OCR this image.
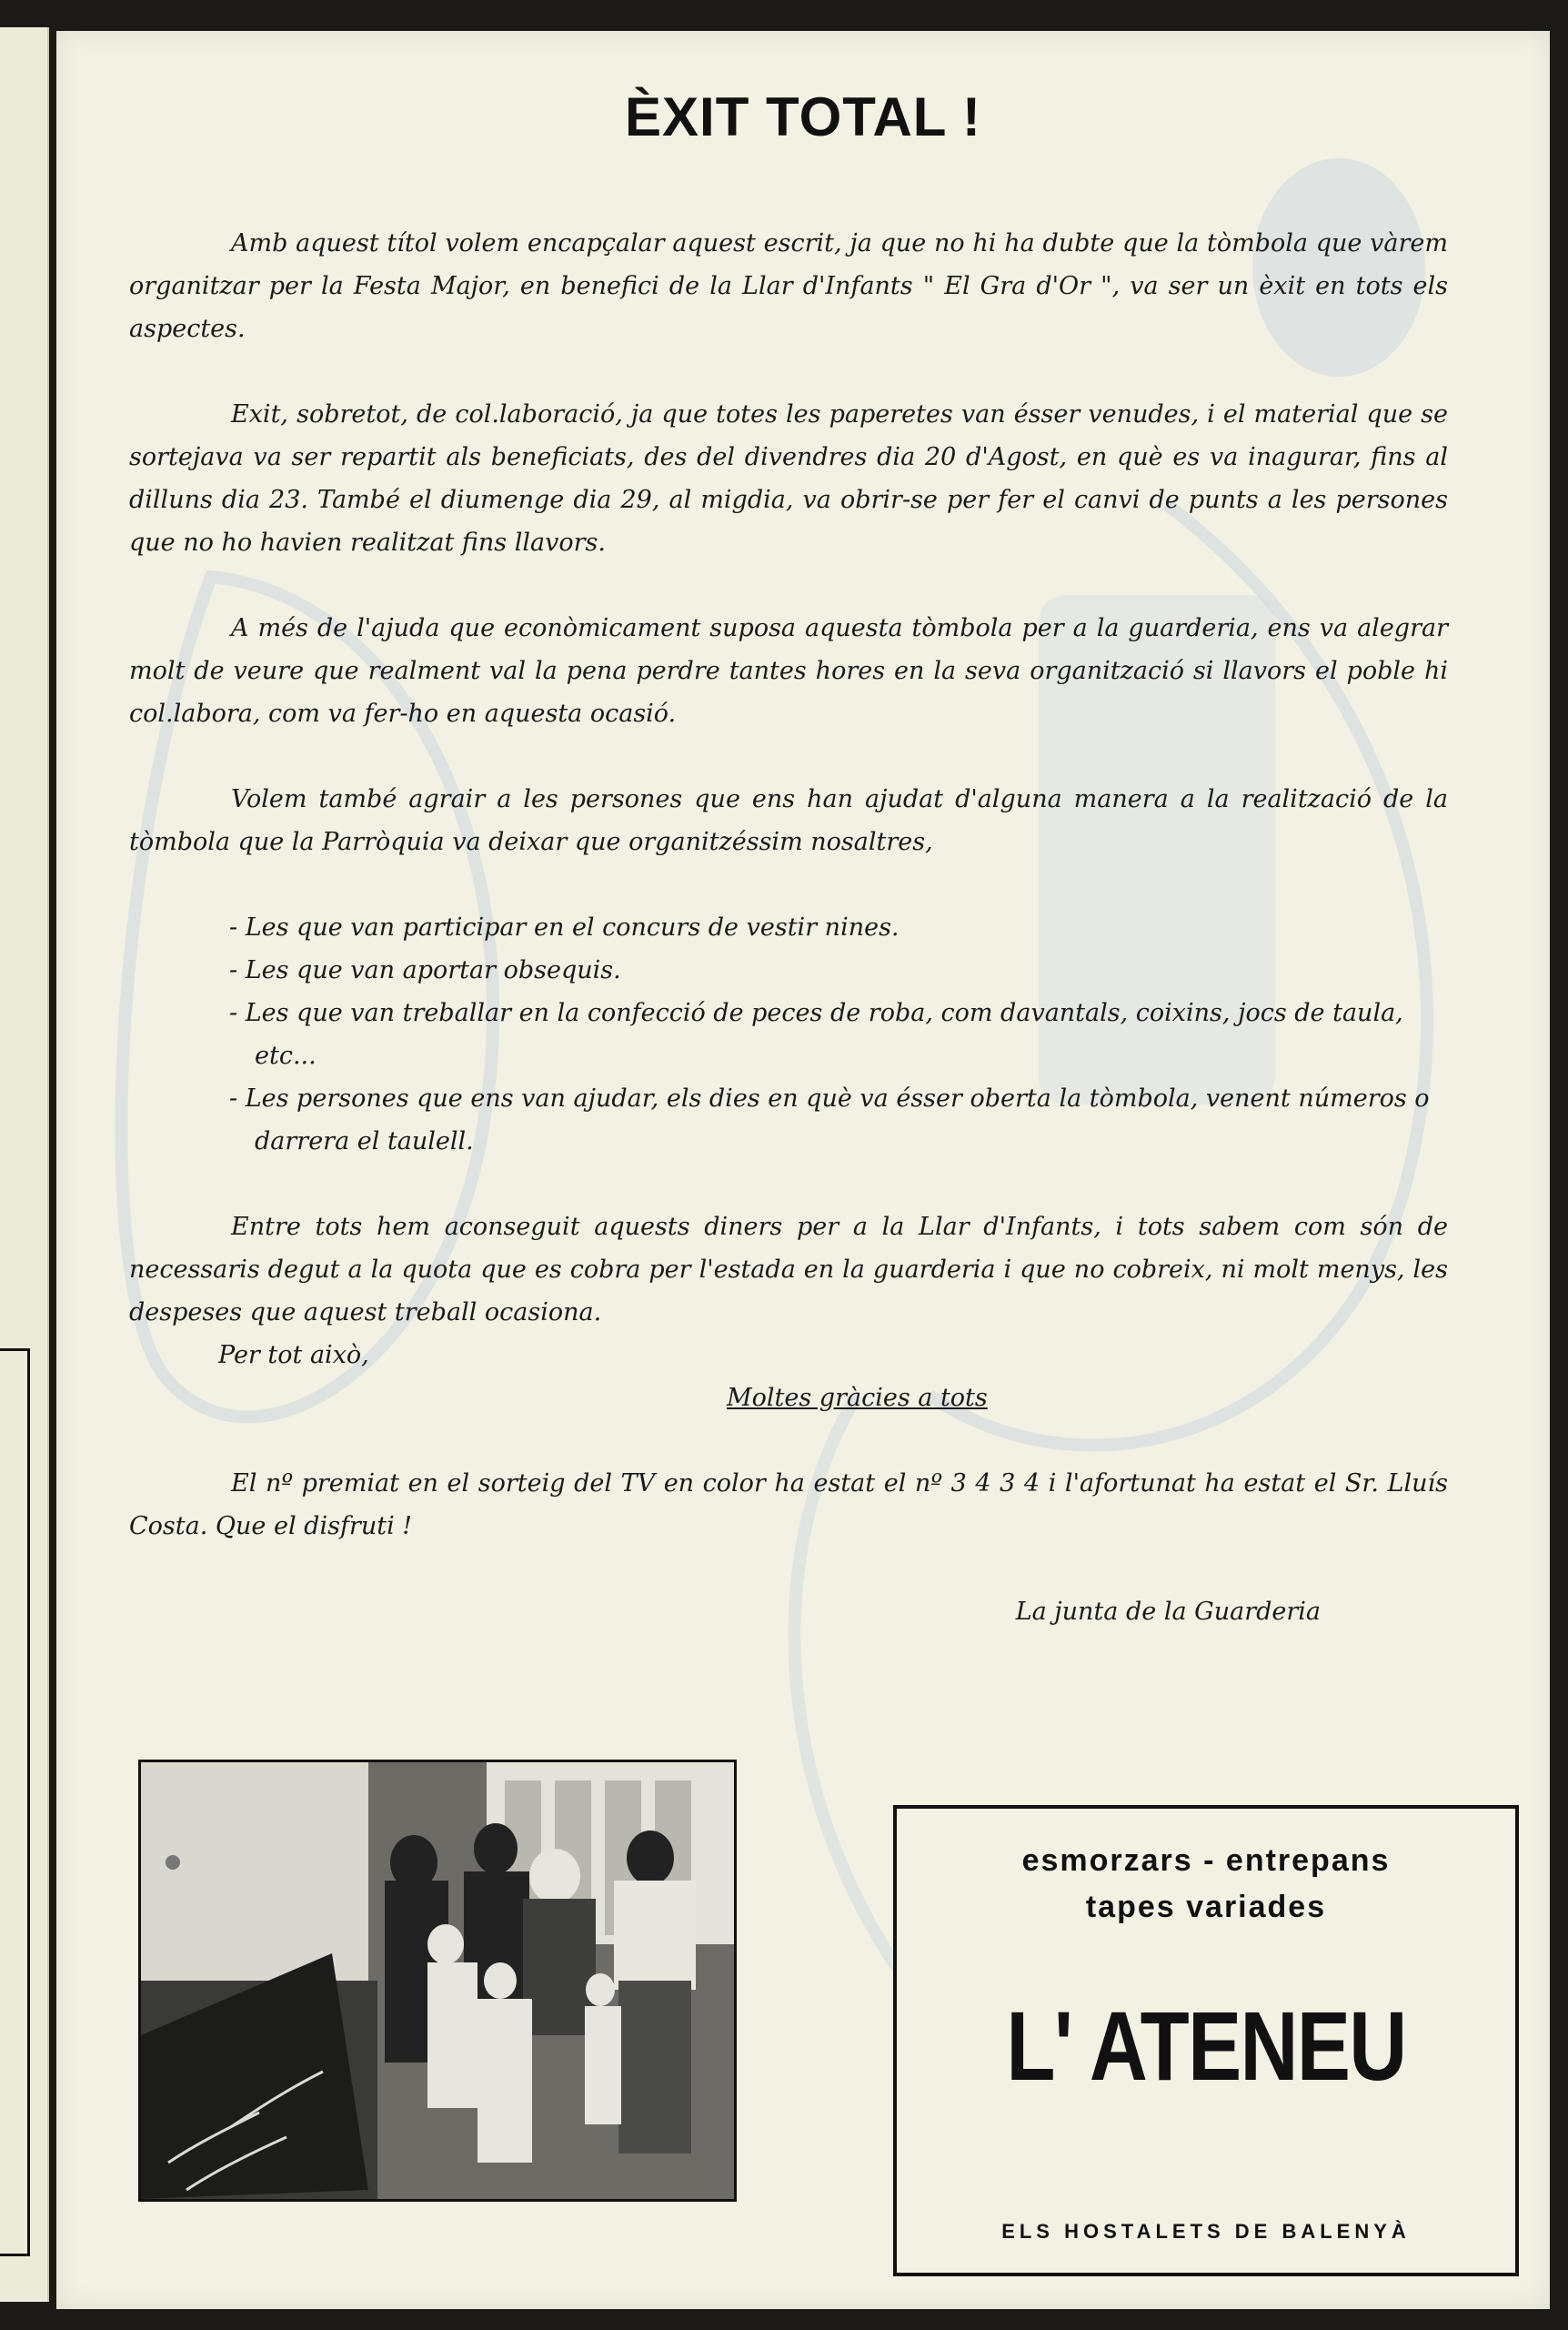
ÈXIT TOTAL !

Amb aquest títol volem encapçalar aquest escrit, ja que no hi ha dubte que la tòmbola que vàrem organitzar per la Festa Major, en benefici de la Llar d'Infants " El Gra d'Or ", va ser un èxit en tots els aspectes.

Exit, sobretot, de col.laboració, ja que totes les paperetes van ésser venudes, i el material que se sortejava va ser repartit als beneficiats, des del divendres dia 20 d'Agost, en què es va inagurar, fins al dilluns dia 23. També el diumenge dia 29, al migdia, va obrir-se per fer el canvi de punts a les persones que no ho havien realitzat fins llavors.

A més de l'ajuda que econòmicament suposa aquesta tòmbola per a la guarderia, ens va alegrar molt de veure que realment val la pena perdre tantes hores en la seva organització si llavors el poble hi col.labora, com va fer-ho en aquesta ocasió.

Volem també agrair a les persones que ens han ajudat d'alguna manera a la realització de la tòmbola que la Parròquia va deixar que organitzéssim nosaltres,

- Les que van participar en el concurs de vestir nines.
- Les que van aportar obsequis.
- Les que van treballar en la confecció de peces de roba, com davantals, coixins, jocs de taula, etc...
- Les persones que ens van ajudar, els dies en què va ésser oberta la tòmbola, venent números o darrera el taulell.

Entre tots hem aconseguit aquests diners per a la Llar d'Infants, i tots sabem com són de necessaris degut a la quota que es cobra per l'estada en la guarderia i que no cobreix, ni molt menys, les despeses que aquest treball ocasiona.

Per tot això,

Moltes gràcies a tots

El nº premiat en el sorteig del TV en color ha estat el nº 3 4 3 4 i l'afortunat ha estat el Sr. Lluís Costa. Que el disfruti !

La junta de la Guarderia

esmorzars - entrepans
tapes variades
L' ATENEU
ELS HOSTALETS DE BALENYÀ
